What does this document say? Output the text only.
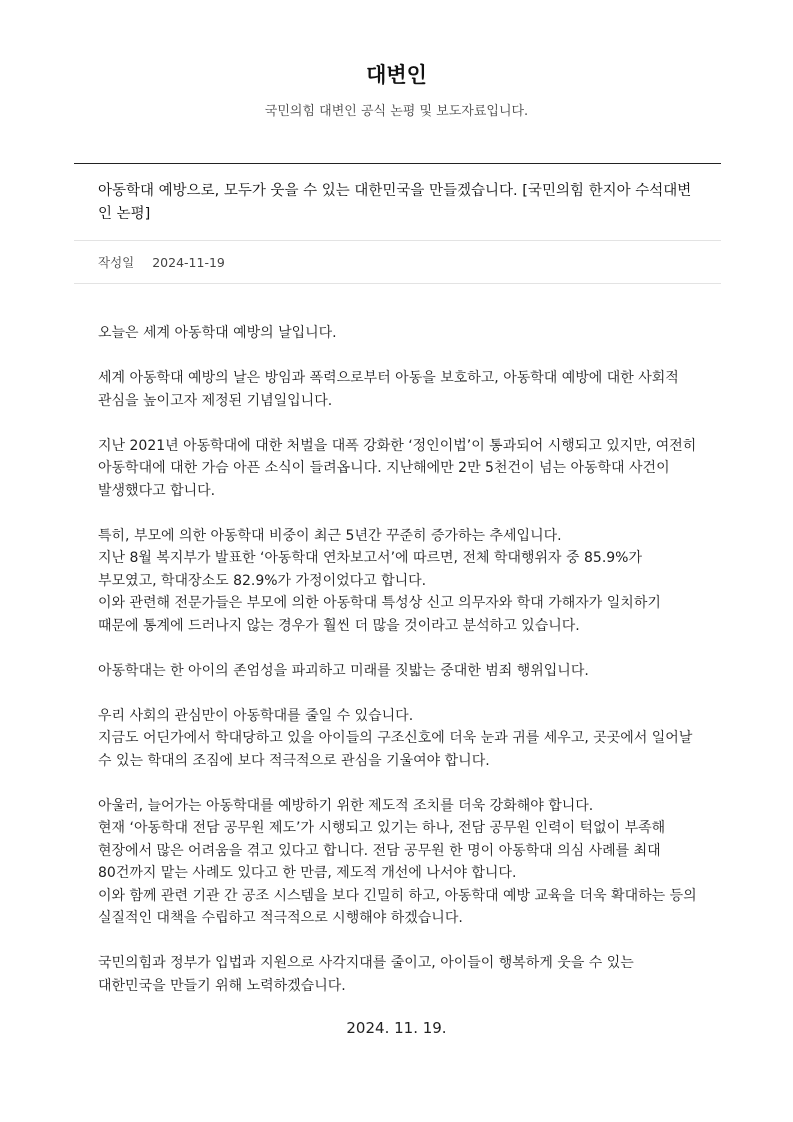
대변인
국민의힘 대변인 공식 논평 및 보도자료입니다.
아동학대 예방으로, 모두가 웃을 수 있는 대한민국을 만들겠습니다. [국민의힘 한지아 수석대변인 논평]
작성일 2024-11-19

오늘은 세계 아동학대 예방의 날입니다.

세계 아동학대 예방의 날은 방임과 폭력으로부터 아동을 보호하고, 아동학대 예방에 대한 사회적 관심을 높이고자 제정된 기념일입니다.

지난 2021년 아동학대에 대한 처벌을 대폭 강화한 ‘정인이법’이 통과되어 시행되고 있지만, 여전히 아동학대에 대한 가슴 아픈 소식이 들려옵니다. 지난해에만 2만 5천건이 넘는 아동학대 사건이 발생했다고 합니다.

특히, 부모에 의한 아동학대 비중이 최근 5년간 꾸준히 증가하는 추세입니다.
지난 8월 복지부가 발표한 ‘아동학대 연차보고서’에 따르면, 전체 학대행위자 중 85.9%가 부모였고, 학대장소도 82.9%가 가정이었다고 합니다.
이와 관련해 전문가들은 부모에 의한 아동학대 특성상 신고 의무자와 학대 가해자가 일치하기 때문에 통계에 드러나지 않는 경우가 훨씬 더 많을 것이라고 분석하고 있습니다.

아동학대는 한 아이의 존엄성을 파괴하고 미래를 짓밟는 중대한 범죄 행위입니다.

우리 사회의 관심만이 아동학대를 줄일 수 있습니다.
지금도 어딘가에서 학대당하고 있을 아이들의 구조신호에 더욱 눈과 귀를 세우고, 곳곳에서 일어날 수 있는 학대의 조짐에 보다 적극적으로 관심을 기울여야 합니다.

아울러, 늘어가는 아동학대를 예방하기 위한 제도적 조치를 더욱 강화해야 합니다.
현재 ‘아동학대 전담 공무원 제도’가 시행되고 있기는 하나, 전담 공무원 인력이 턱없이 부족해 현장에서 많은 어려움을 겪고 있다고 합니다. 전담 공무원 한 명이 아동학대 의심 사례를 최대 80건까지 맡는 사례도 있다고 한 만큼, 제도적 개선에 나서야 합니다.
이와 함께 관련 기관 간 공조 시스템을 보다 긴밀히 하고, 아동학대 예방 교육을 더욱 확대하는 등의 실질적인 대책을 수립하고 적극적으로 시행해야 하겠습니다.

국민의힘과 정부가 입법과 지원으로 사각지대를 줄이고, 아이들이 행복하게 웃을 수 있는 대한민국을 만들기 위해 노력하겠습니다.

2024. 11. 19.
